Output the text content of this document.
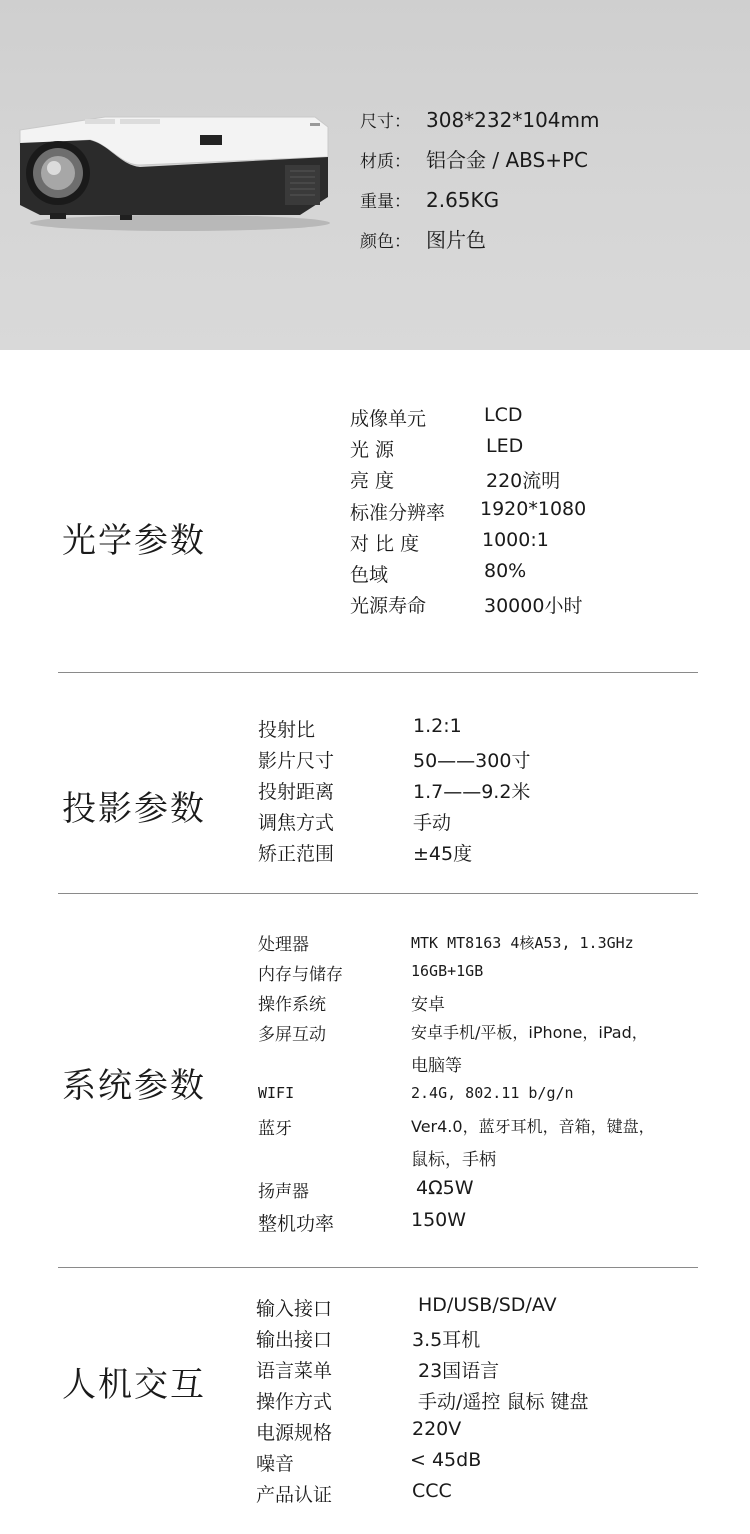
尺寸： 308*232*104mm
材质： 铝合金 / ABS+PC
重量： 2.65KG
颜色： 图片色
光学参数
成像单元	LCD
光 源	LED
亮 度	220流明
标准分辨率 1920*1080
对 比 度	1000:1
色域	80%
光源寿命	30000小时
投影参数
投射比	1.2:1
影片尺寸	50——300寸
投射距离	1.7——9.2米
调焦方式	手动
矫正范围	±45度
系统参数
处理器	MTK MT8163 4核A53, 1.3GHz
内存与储存	16GB+1GB
操作系统	安卓
多屏互动	安卓手机/平板，iPhone，iPad，
电脑等
WIFI	2.4G, 802.11 b/g/n
蓝牙	Ver4.0，蓝牙耳机，音箱，键盘，
鼠标，手柄
扬声器	4Ω5W
整机功率	150W
人机交互
输入接口	HD/USB/SD/AV
输出接口	3.5耳机
语言菜单	23国语言
操作方式	手动/遥控 鼠标 键盘
电源规格	220V
噪音	< 45dB
产品认证	CCC
